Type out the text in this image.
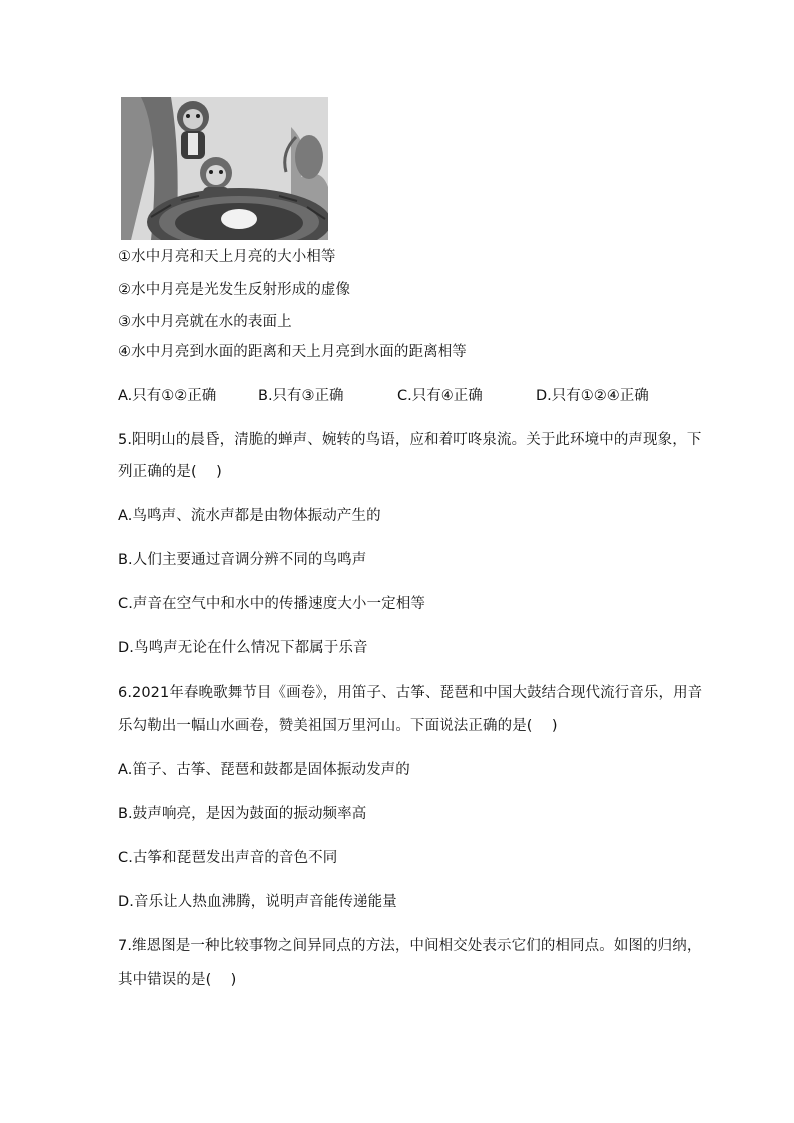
①水中月亮和天上月亮的大小相等
②水中月亮是光发生反射形成的虚像
③水中月亮就在水的表面上
④水中月亮到水面的距离和天上月亮到水面的距离相等
A.只有①②正确	B.只有③正确	C.只有④正确	D.只有①②④正确
5.阳明山的晨昏，清脆的蝉声、婉转的鸟语，应和着叮咚泉流。关于此环境中的声现象，下
列正确的是(　 )
A.鸟鸣声、流水声都是由物体振动产生的
B.人们主要通过音调分辨不同的鸟鸣声
C.声音在空气中和水中的传播速度大小一定相等
D.鸟鸣声无论在什么情况下都属于乐音
6.2021年春晚歌舞节目《画卷》，用笛子、古筝、琵琶和中国大鼓结合现代流行音乐，用音
乐勾勒出一幅山水画卷，赞美祖国万里河山。下面说法正确的是(　 )
A.笛子、古筝、琵琶和鼓都是固体振动发声的
B.鼓声响亮，是因为鼓面的振动频率高
C.古筝和琵琶发出声音的音色不同
D.音乐让人热血沸腾，说明声音能传递能量
7.维恩图是一种比较事物之间异同点的方法，中间相交处表示它们的相同点。如图的归纳，
其中错误的是(　 )
